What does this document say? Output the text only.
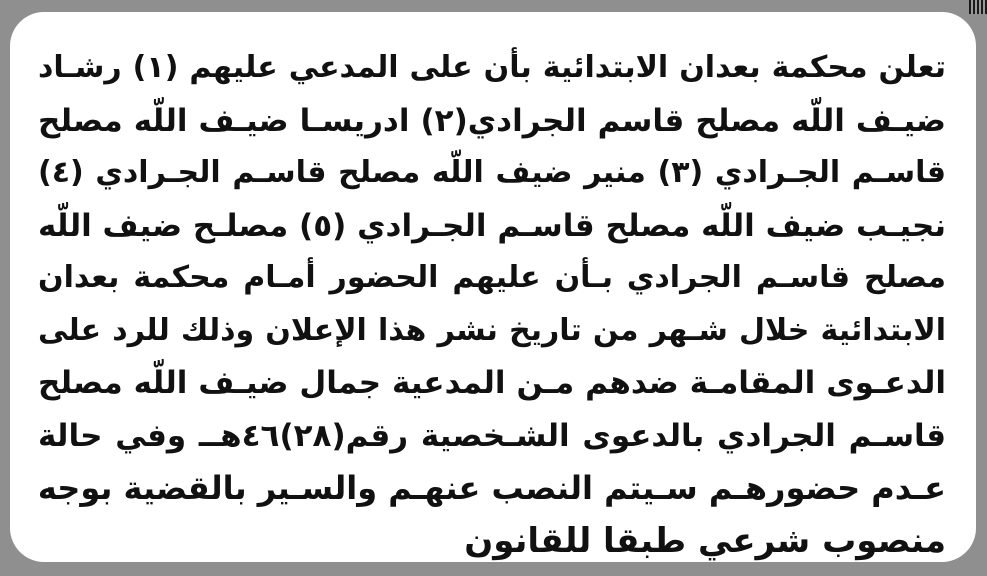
تعلن محكمة بعدان الابتدائية بأن على المدعي عليهم (١) رشـاد
ضيـف اللّه مصلح قاسم الجرادي(٢) ادريسـا ضيـف اللّه مصلح
قاسـم الجـرادي (٣) منير ضيف اللّه مصلح قاسـم الجـرادي (٤)
نجيـب ضيف اللّه مصلح قاسـم الجـرادي (٥) مصلـح ضيف اللّه
مصلح قاسـم الجرادي بـأن عليهم الحضور أمـام محكمة بعدان
الابتدائية خلال شـهر من تاريخ نشر هذا الإعلان وذلك للرد على
الدعـوى المقامـة ضدهم مـن المدعية جمال ضيـف اللّه مصلح
قاسـم الجرادي بالدعوى الشـخصية رقم(٢٨)٤٦هــ وفي حالة
عـدم حضورهـم سـيتم النصب عنهـم والسـير بالقضية بوجه
منصوب شرعي طبقا للقانون
